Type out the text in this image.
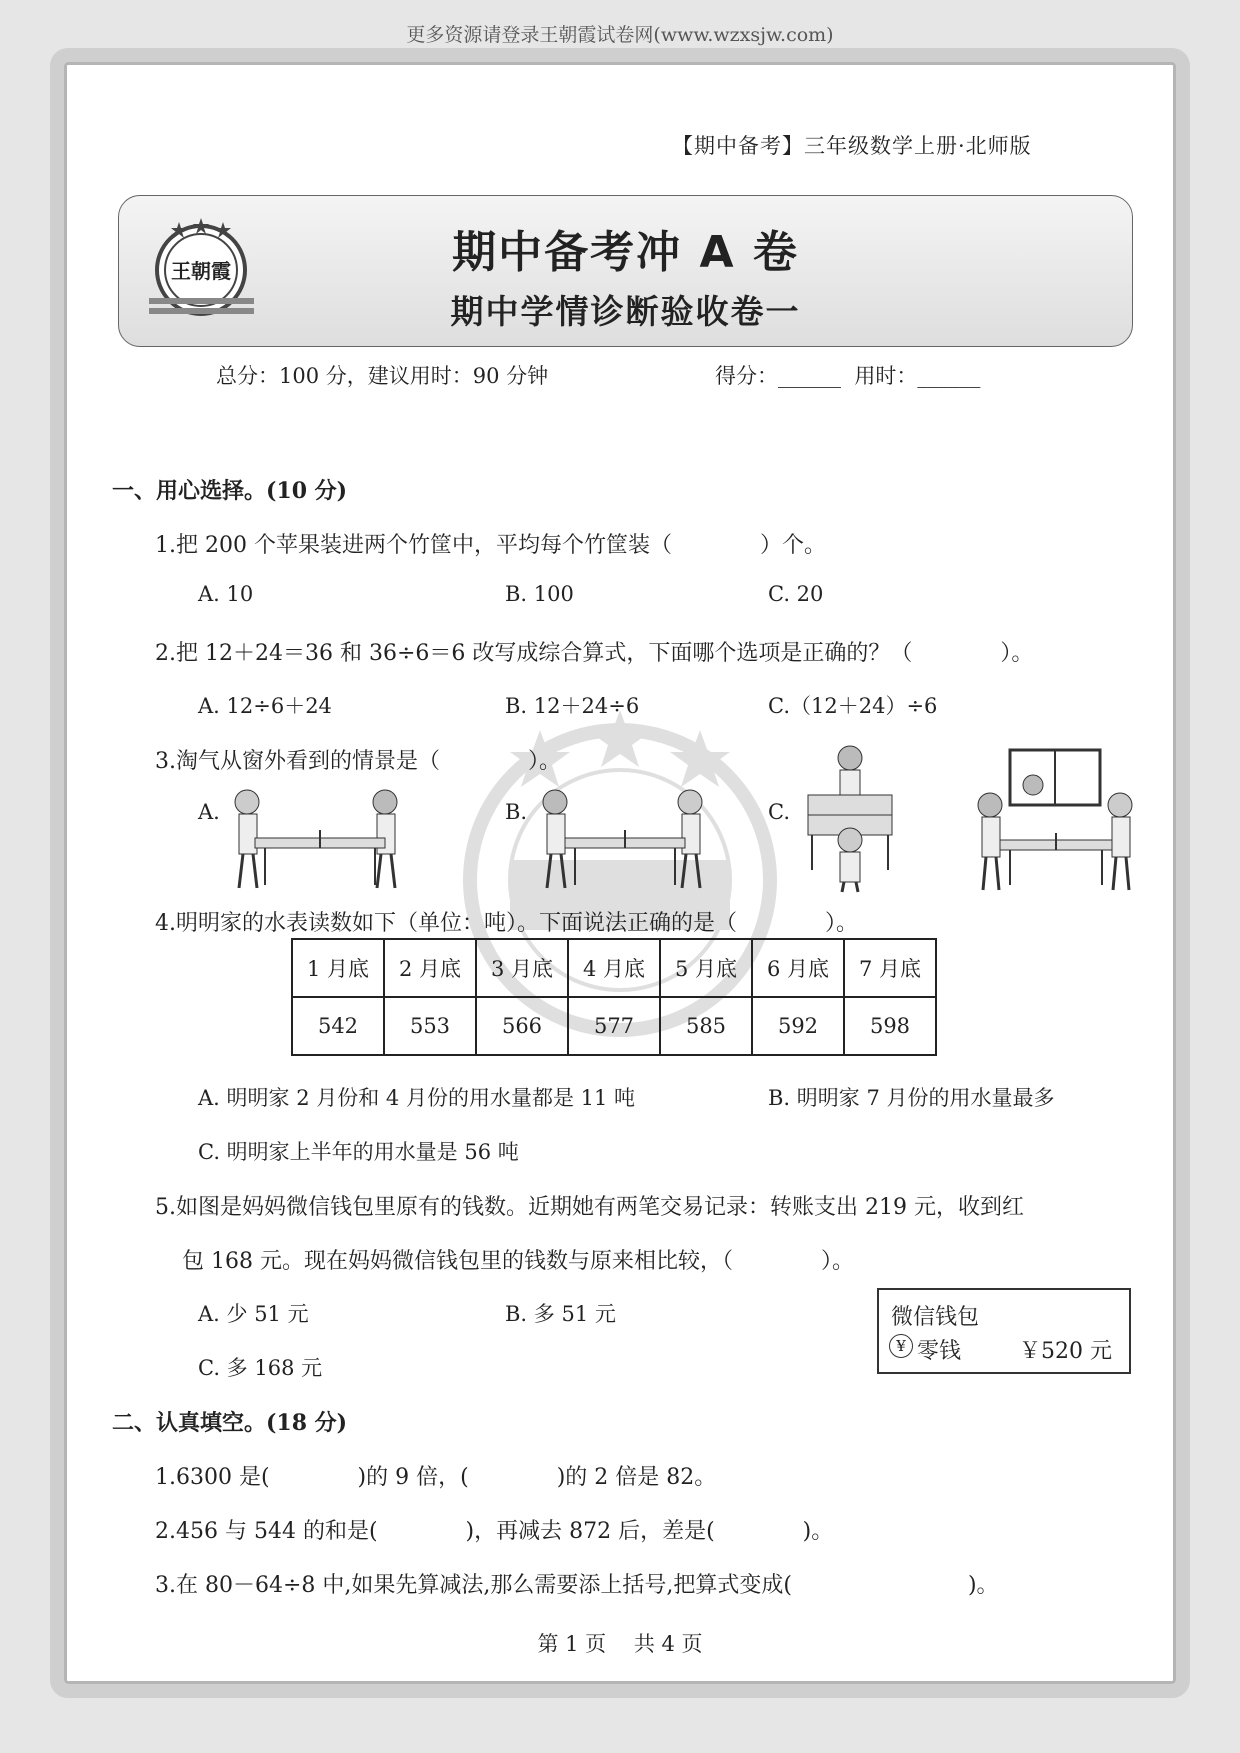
更多资源请登录王朝霞试卷网(www.wzxsjw.com)
【期中备考】三年级数学上册·北师版
王朝霞	期中备考冲 A 卷
期中学情诊断验收卷一
总分：100 分，建议用时：90 分钟	得分：______  用时：______
一、用心选择。(10 分)
1.把 200 个苹果装进两个竹筐中，平均每个竹筐装（　　　　）个。
A. 10	B. 100	C. 20
2.把 12＋24＝36 和 36÷6＝6 改写成综合算式，下面哪个选项是正确的？（　　　　）。
A. 12÷6＋24	B. 12＋24÷6	C.（12＋24）÷6
3.淘气从窗外看到的情景是（　　　　）。
A.	B.	C.
4.明明家的水表读数如下（单位：吨）。下面说法正确的是（　　　　）。
1 月底	2 月底	3 月底	4 月底	5 月底	6 月底	7 月底
542	553	566	577	585	592	598
A. 明明家 2 月份和 4 月份的用水量都是 11 吨	B. 明明家 7 月份的用水量最多
C. 明明家上半年的用水量是 56 吨
5.如图是妈妈微信钱包里原有的钱数。近期她有两笔交易记录：转账支出 219 元，收到红
包 168 元。现在妈妈微信钱包里的钱数与原来相比较，（　　　　）。
A. 少 51 元	B. 多 51 元
C. 多 168 元
微信钱包
¥ 零钱	￥520 元
二、认真填空。(18 分)
1.6300 是(　　　　)的 9 倍，(　　　　)的 2 倍是 82。
2.456 与 544 的和是(　　　　)，再减去 872 后，差是(　　　　)。
3.在 80－64÷8 中,如果先算减法,那么需要添上括号,把算式变成(　　　　　　　　)。
第 1 页　 共 4 页
